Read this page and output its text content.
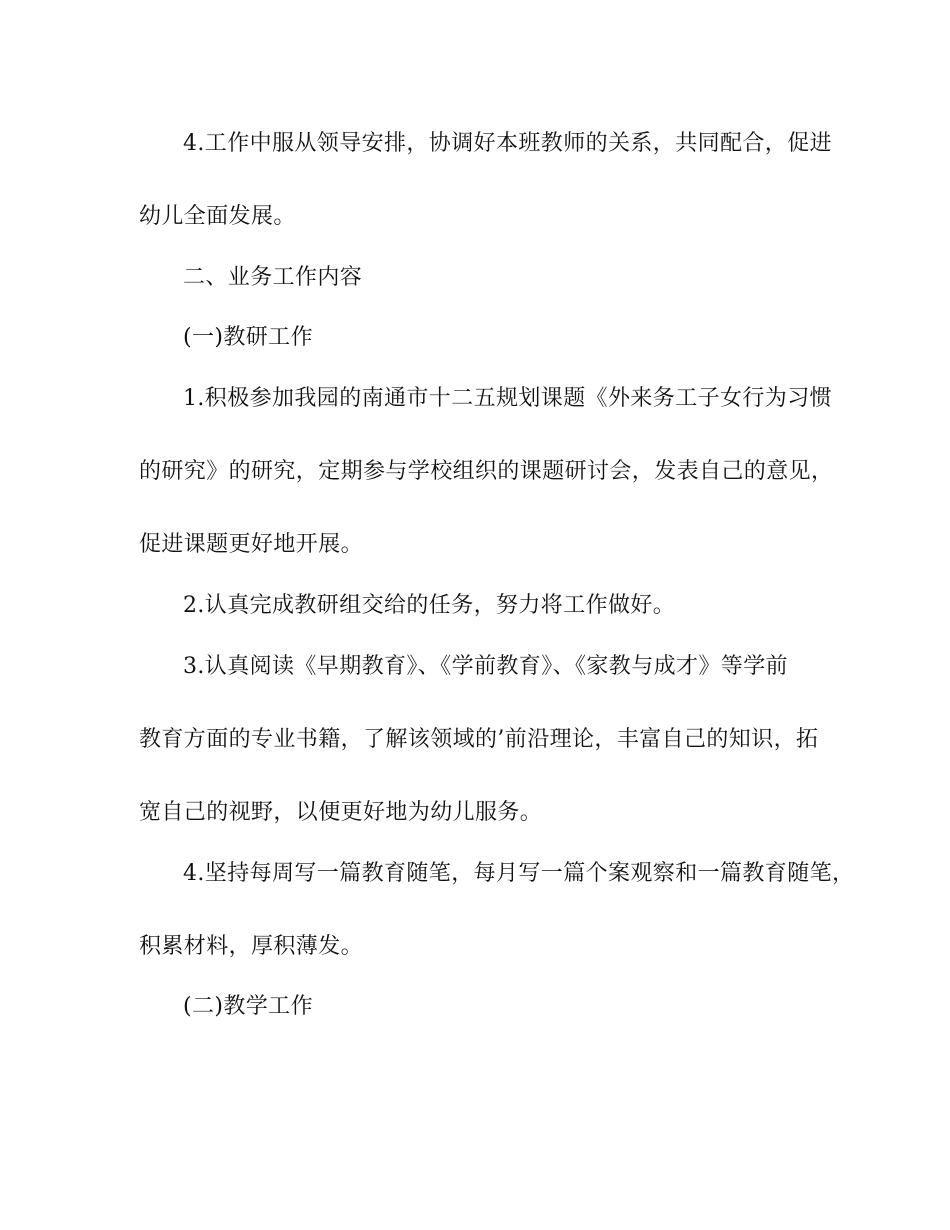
4.工作中服从领导安排，协调好本班教师的关系，共同配合，促进
幼儿全面发展。
二、业务工作内容
(一)教研工作
1.积极参加我园的南通市十二五规划课题《外来务工子女行为习惯
的研究》的研究，定期参与学校组织的课题研讨会，发表自己的意见，
促进课题更好地开展。
2.认真完成教研组交给的任务，努力将工作做好。
3.认真阅读《早期教育》、《学前教育》、《家教与成才》等学前
教育方面的专业书籍，了解该领域的’前沿理论，丰富自己的知识，拓
宽自己的视野，以便更好地为幼儿服务。
4.坚持每周写一篇教育随笔，每月写一篇个案观察和一篇教育随笔，
积累材料，厚积薄发。
(二)教学工作
